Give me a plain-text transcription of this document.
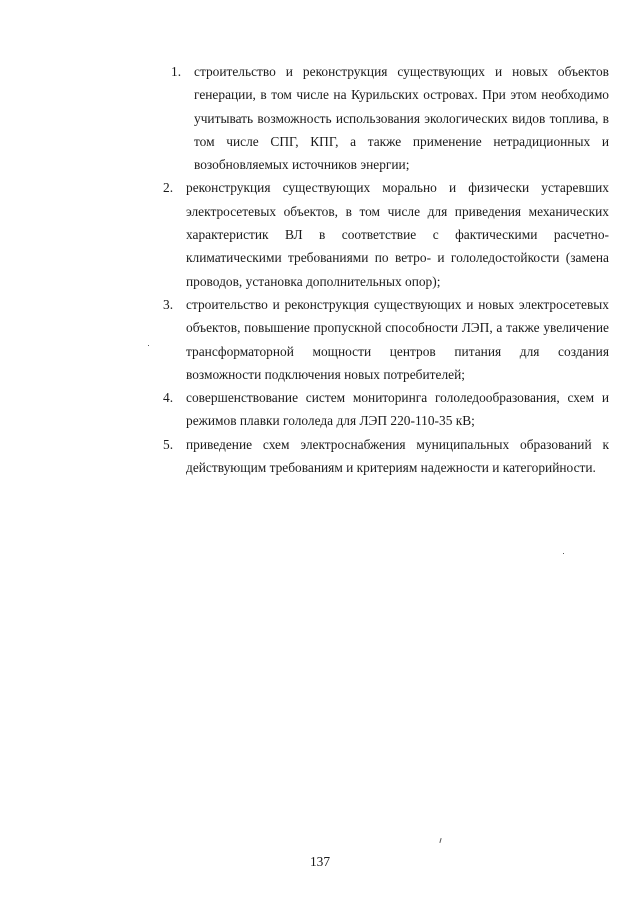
1. строительство и реконструкция существующих и новых объектов генерации, в том числе на Курильских островах. При этом необходимо учитывать возможность использования экологических видов топлива, в том числе СПГ, КПГ, а также применение нетрадиционных и возобновляемых источников энергии;
2. реконструкция существующих морально и физически устаревших электросетевых объектов, в том числе для приведения механических характеристик ВЛ в соответствие с фактическими расчетно-климатическими требованиями по ветро- и гололедостойкости (замена проводов, установка дополнительных опор);
3. строительство и реконструкция существующих и новых электросетевых объектов, повышение пропускной способности ЛЭП, а также увеличение трансформаторной мощности центров питания для создания возможности подключения новых потребителей;
4. совершенствование систем мониторинга гололедообразования, схем и режимов плавки гололеда для ЛЭП 220-110-35 кВ;
5. приведение схем электроснабжения муниципальных образований к действующим требованиям и критериям надежности и категорийности.
137
